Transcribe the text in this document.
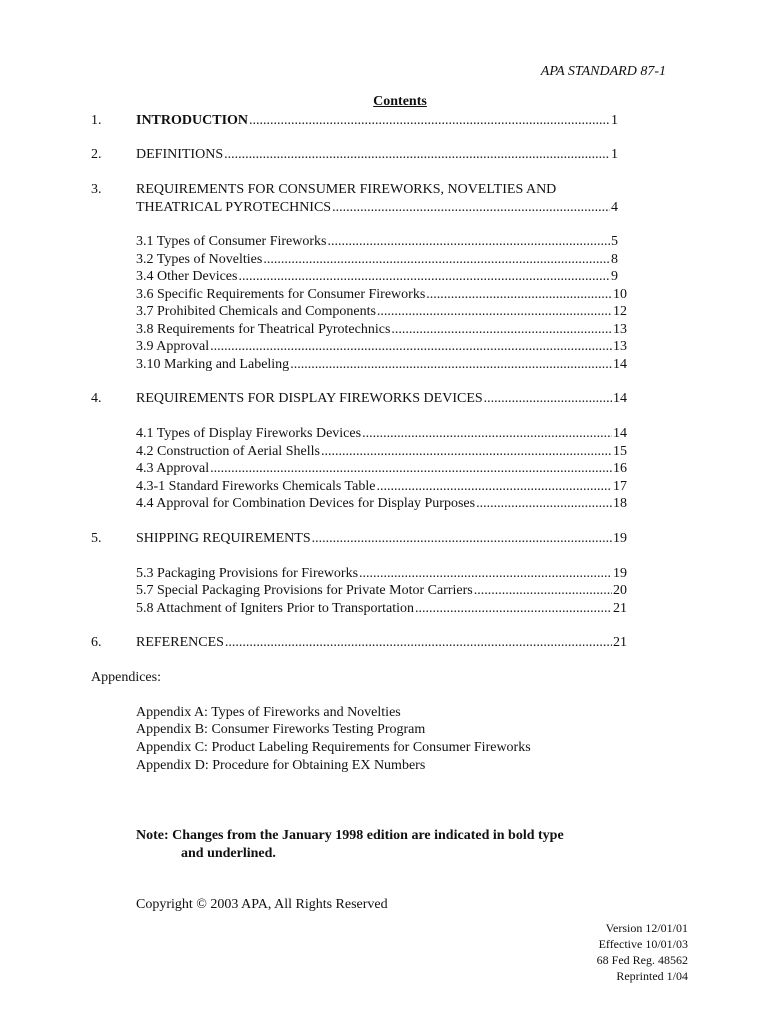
APA STANDARD 87-1
Contents
1. INTRODUCTION .....	1
2. DEFINITIONS .....	1
3. REQUIREMENTS FOR CONSUMER FIREWORKS, NOVELTIES AND
THEATRICAL PYROTECHNICS .....	4
3.1 Types of Consumer Fireworks .....	5
3.2 Types of Novelties .....	8
3.4 Other Devices .....	9
3.6 Specific Requirements for Consumer Fireworks .....	10
3.7 Prohibited Chemicals and Components .....	12
3.8 Requirements for Theatrical Pyrotechnics .....	13
3.9 Approval .....	13
3.10 Marking and Labeling .....	14
4. REQUIREMENTS FOR DISPLAY FIREWORKS DEVICES .....	14
4.1 Types of Display Fireworks Devices .....	14
4.2 Construction of Aerial Shells .....	15
4.3 Approval .....	16
4.3-1 Standard Fireworks Chemicals Table .....	17
4.4 Approval for Combination Devices for Display Purposes .....	18
5. SHIPPING REQUIREMENTS .....	19
5.3 Packaging Provisions for Fireworks .....	19
5.7 Special Packaging Provisions for Private Motor Carriers .....	20
5.8 Attachment of Igniters Prior to Transportation .....	21
6. REFERENCES .....	21
Appendices:
Appendix A: Types of Fireworks and Novelties
Appendix B: Consumer Fireworks Testing Program
Appendix C: Product Labeling Requirements for Consumer Fireworks
Appendix D: Procedure for Obtaining EX Numbers
Note: Changes from the January 1998 edition are indicated in bold type
and underlined.
Copyright © 2003 APA, All Rights Reserved
Version 12/01/01
Effective 10/01/03
68 Fed Reg. 48562
Reprinted 1/04
